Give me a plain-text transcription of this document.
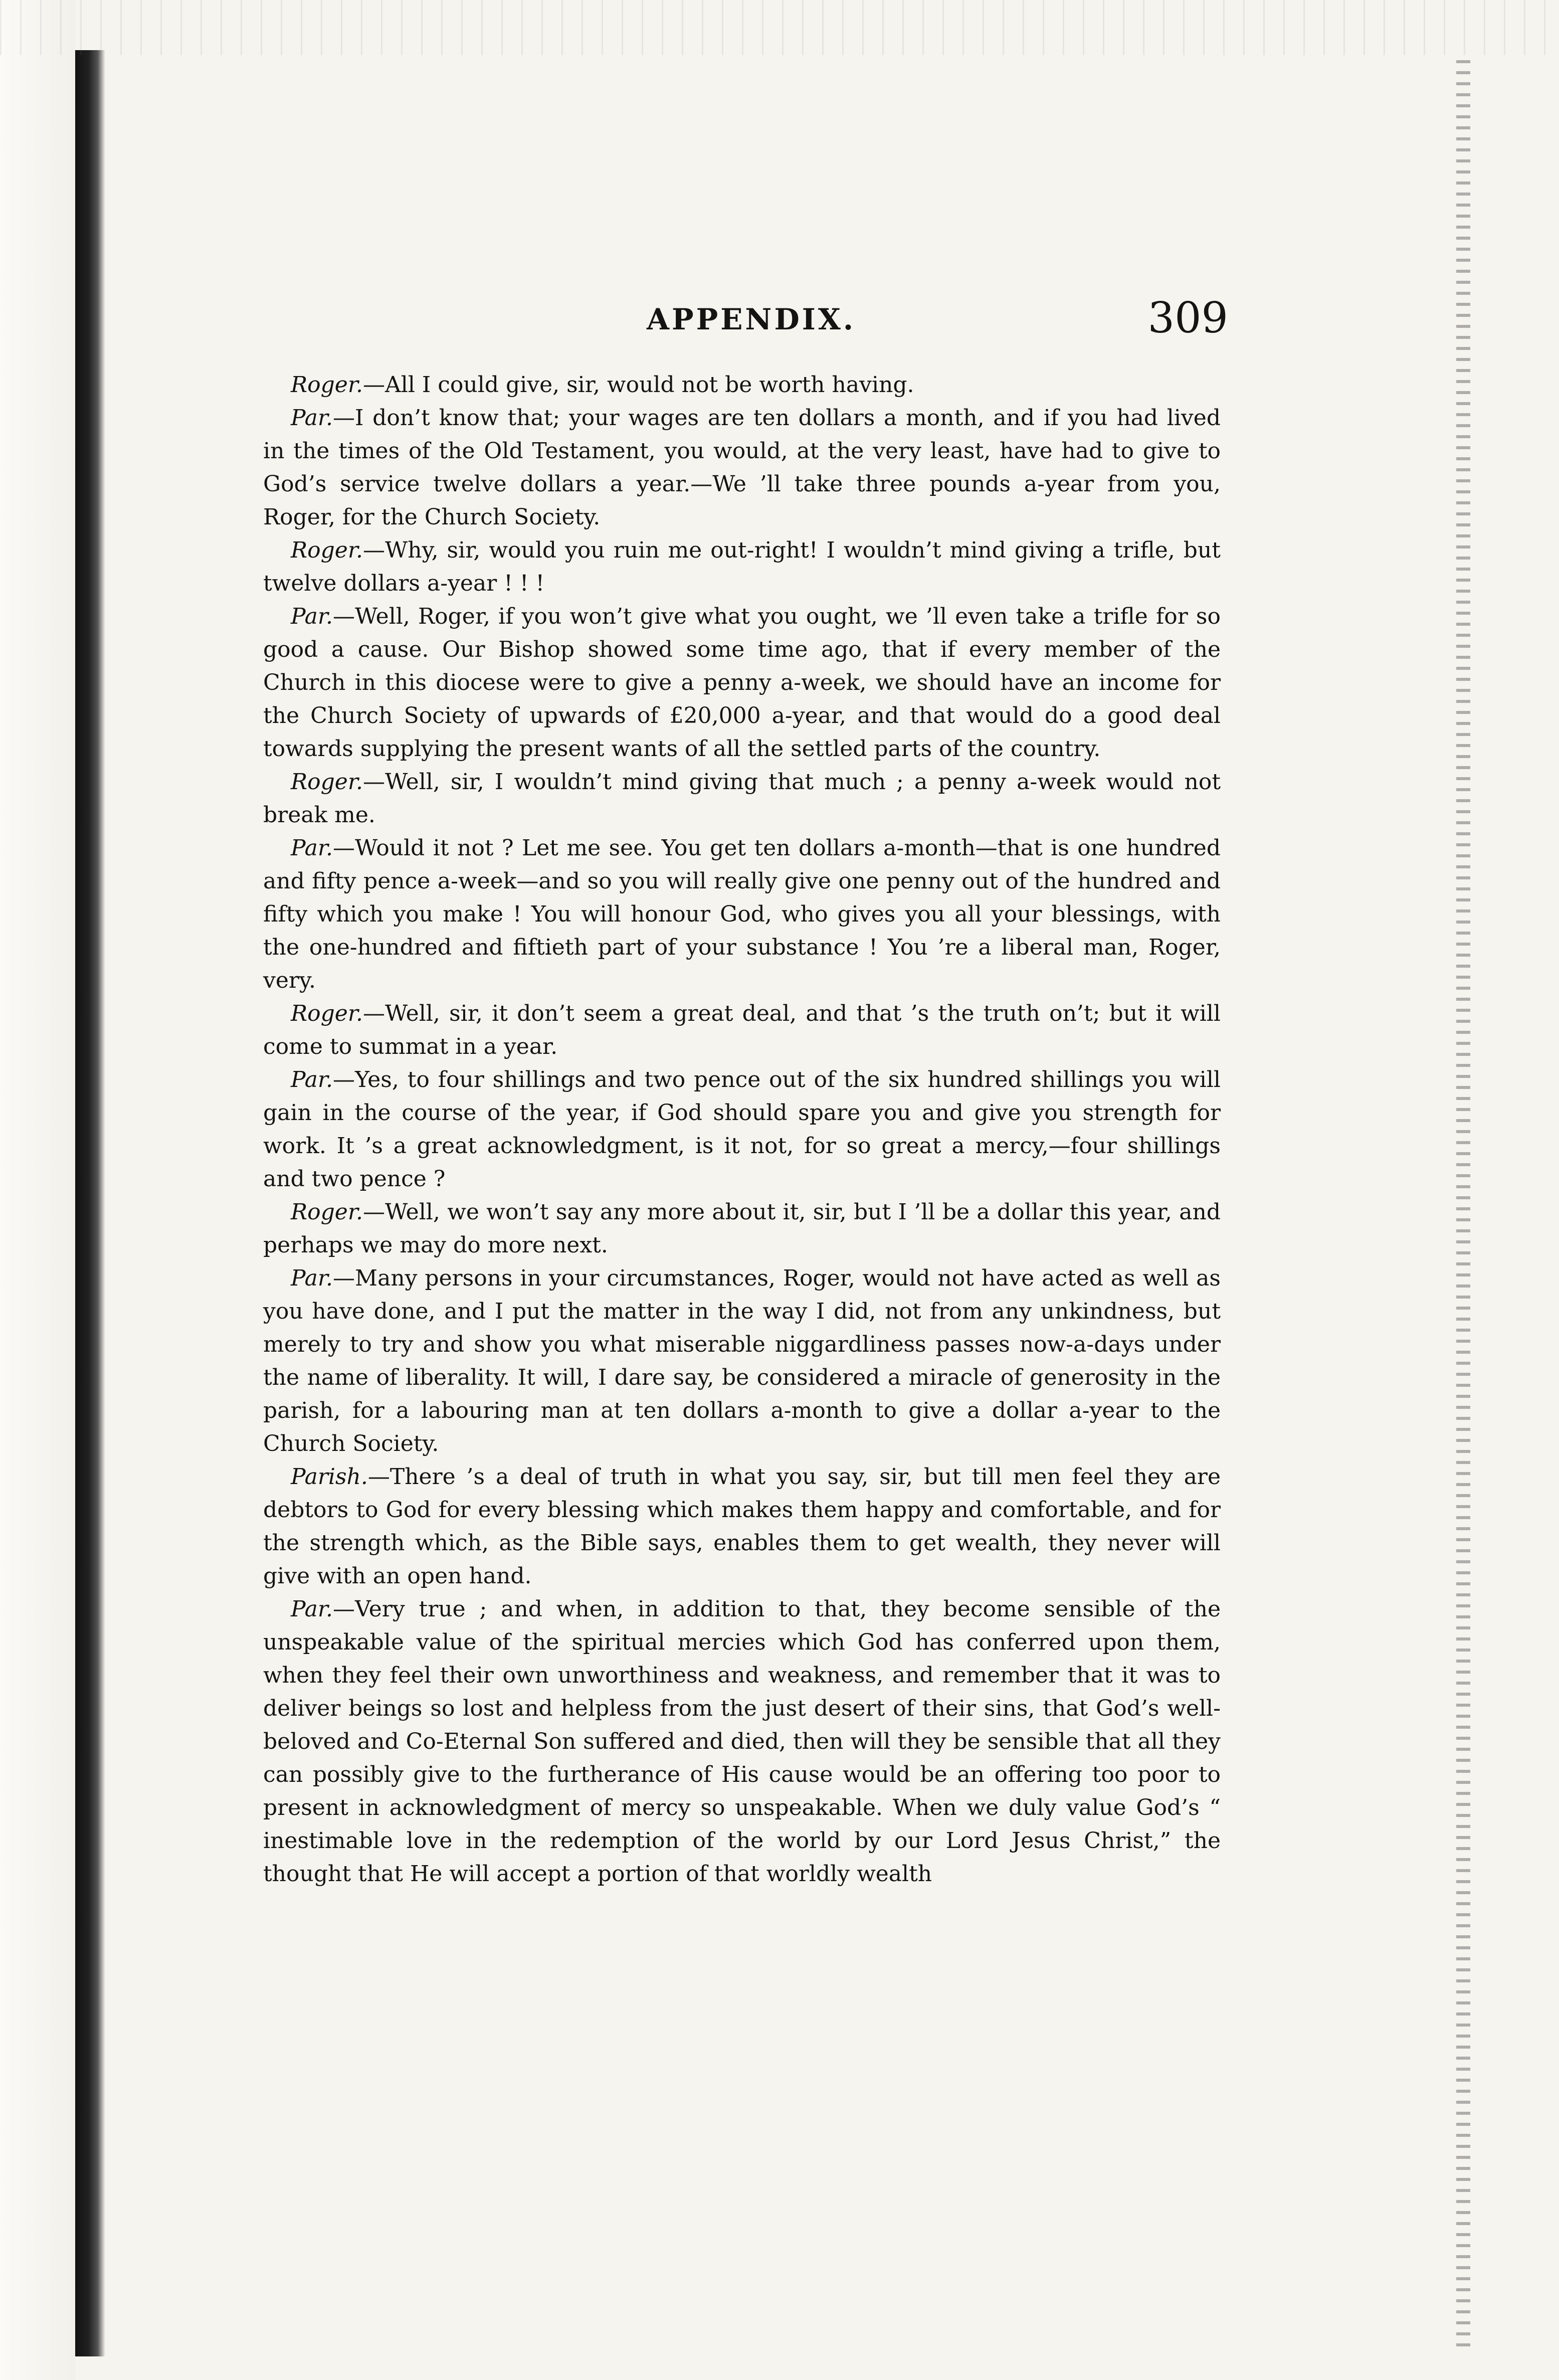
APPENDIX.	309

Roger.—All I could give, sir, would not be worth having.

Par.—I don’t know that; your wages are ten dollars a month, and if you had lived in the times of the Old Testament, you would, at the very least, have had to give to God’s service twelve dollars a year.—We ’ll take three pounds a-year from you, Roger, for the Church Society.

Roger.—Why, sir, would you ruin me out-right! I wouldn’t mind giving a trifle, but twelve dollars a-year ! ! !

Par.—Well, Roger, if you won’t give what you ought, we ’ll even take a trifle for so good a cause. Our Bishop showed some time ago, that if every member of the Church in this diocese were to give a penny a-week, we should have an income for the Church Society of upwards of £20,000 a-year, and that would do a good deal towards supplying the present wants of all the settled parts of the country.

Roger.—Well, sir, I wouldn’t mind giving that much ; a penny a-week would not break me.

Par.—Would it not ? Let me see. You get ten dollars a-month—that is one hundred and fifty pence a-week—and so you will really give one penny out of the hundred and fifty which you make ! You will honour God, who gives you all your blessings, with the one-hundred and fiftieth part of your substance ! You ’re a liberal man, Roger, very.

Roger.—Well, sir, it don’t seem a great deal, and that ’s the truth on’t; but it will come to summat in a year.

Par.—Yes, to four shillings and two pence out of the six hundred shillings you will gain in the course of the year, if God should spare you and give you strength for work. It ’s a great acknowledgment, is it not, for so great a mercy,—four shillings and two pence ?

Roger.—Well, we won’t say any more about it, sir, but I ’ll be a dollar this year, and perhaps we may do more next.

Par.—Many persons in your circumstances, Roger, would not have acted as well as you have done, and I put the matter in the way I did, not from any unkindness, but merely to try and show you what miserable niggardliness passes now-a-days under the name of liberality. It will, I dare say, be considered a miracle of generosity in the parish, for a labouring man at ten dollars a-month to give a dollar a-year to the Church Society.

Parish.—There ’s a deal of truth in what you say, sir, but till men feel they are debtors to God for every blessing which makes them happy and comfortable, and for the strength which, as the Bible says, enables them to get wealth, they never will give with an open hand.

Par.—Very true ; and when, in addition to that, they become sensible of the unspeakable value of the spiritual mercies which God has conferred upon them, when they feel their own unworthiness and weakness, and remember that it was to deliver beings so lost and helpless from the just desert of their sins, that God’s well-beloved and Co-Eternal Son suffered and died, then will they be sensible that all they can possibly give to the furtherance of His cause would be an offering too poor to present in acknowledgment of mercy so unspeakable. When we duly value God’s “ inestimable love in the redemption of the world by our Lord Jesus Christ,” the thought that He will accept a portion of that worldly wealth
